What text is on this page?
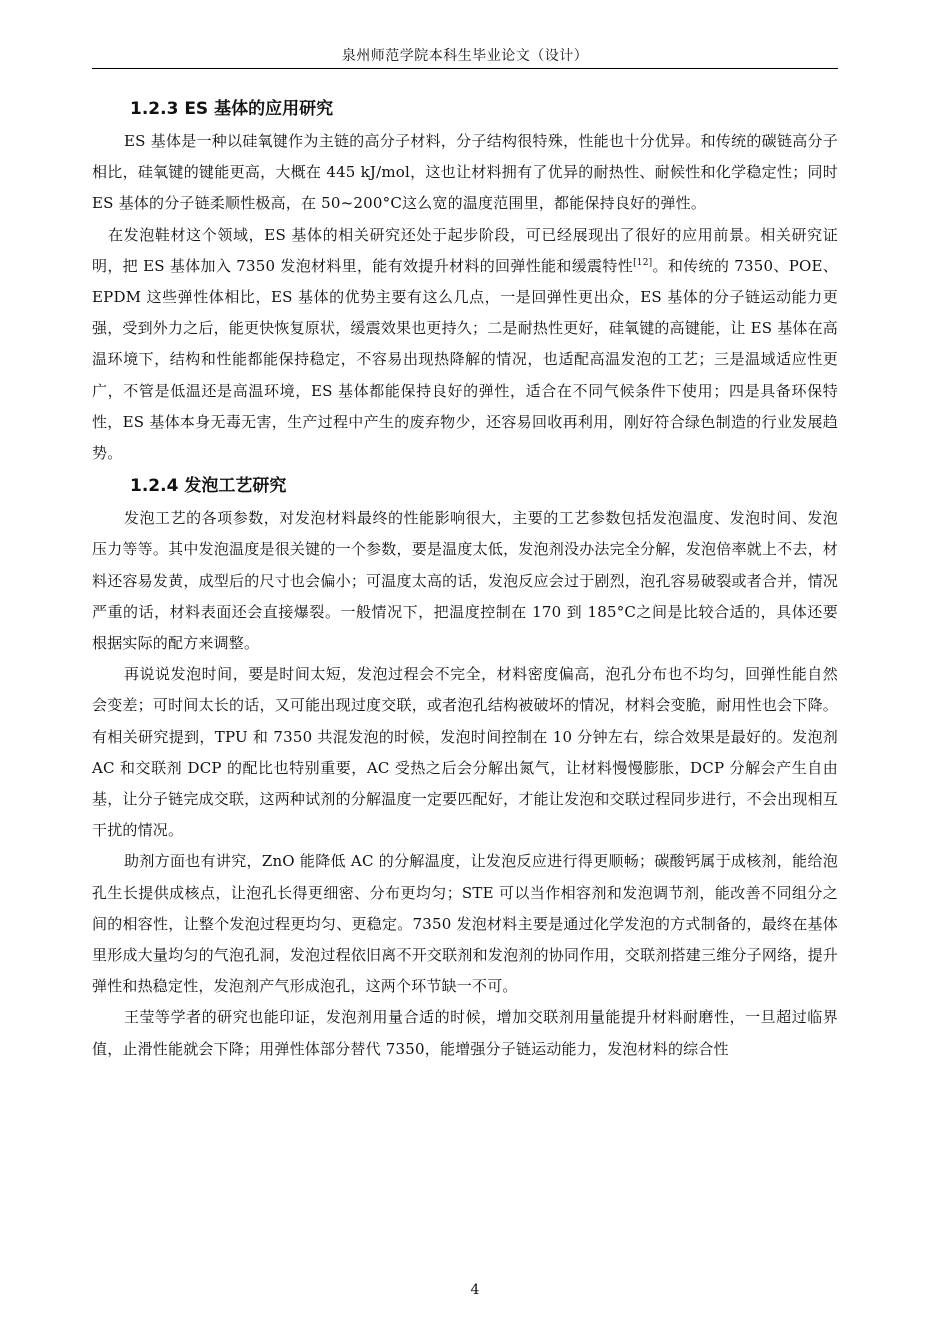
泉州师范学院本科生毕业论文（设计）
1.2.3 ES 基体的应用研究

ES 基体是一种以硅氧键作为主链的高分子材料，分子结构很特殊，性能也十分优异。和传统的碳链高分子相比，硅氧键的键能更高，大概在 445 kJ/mol，这也让材料拥有了优异的耐热性、耐候性和化学稳定性；同时 ES 基体的分子链柔顺性极高，在 50~200°C这么宽的温度范围里，都能保持良好的弹性。

在发泡鞋材这个领域，ES 基体的相关研究还处于起步阶段，可已经展现出了很好的应用前景。相关研究证明，把 ES 基体加入 7350 发泡材料里，能有效提升材料的回弹性能和缓震特性[12]。和传统的 7350、POE、EPDM 这些弹性体相比，ES 基体的优势主要有这么几点，一是回弹性更出众，ES 基体的分子链运动能力更强，受到外力之后，能更快恢复原状，缓震效果也更持久；二是耐热性更好，硅氧键的高键能，让 ES 基体在高温环境下，结构和性能都能保持稳定，不容易出现热降解的情况，也适配高温发泡的工艺；三是温域适应性更广，不管是低温还是高温环境，ES 基体都能保持良好的弹性，适合在不同气候条件下使用；四是具备环保特性，ES 基体本身无毒无害，生产过程中产生的废弃物少，还容易回收再利用，刚好符合绿色制造的行业发展趋势。

1.2.4 发泡工艺研究

发泡工艺的各项参数，对发泡材料最终的性能影响很大，主要的工艺参数包括发泡温度、发泡时间、发泡压力等等。其中发泡温度是很关键的一个参数，要是温度太低，发泡剂没办法完全分解，发泡倍率就上不去，材料还容易发黄，成型后的尺寸也会偏小；可温度太高的话，发泡反应会过于剧烈，泡孔容易破裂或者合并，情况严重的话，材料表面还会直接爆裂。一般情况下，把温度控制在 170 到 185°C之间是比较合适的，具体还要根据实际的配方来调整。

再说说发泡时间，要是时间太短，发泡过程会不完全，材料密度偏高，泡孔分布也不均匀，回弹性能自然会变差；可时间太长的话，又可能出现过度交联，或者泡孔结构被破坏的情况，材料会变脆，耐用性也会下降。有相关研究提到，TPU 和 7350 共混发泡的时候，发泡时间控制在 10 分钟左右，综合效果是最好的。发泡剂 AC 和交联剂 DCP 的配比也特别重要，AC 受热之后会分解出氮气，让材料慢慢膨胀，DCP 分解会产生自由基，让分子链完成交联，这两种试剂的分解温度一定要匹配好，才能让发泡和交联过程同步进行，不会出现相互干扰的情况。

助剂方面也有讲究，ZnO 能降低 AC 的分解温度，让发泡反应进行得更顺畅；碳酸钙属于成核剂，能给泡孔生长提供成核点，让泡孔长得更细密、分布更均匀；STE 可以当作相容剂和发泡调节剂，能改善不同组分之间的相容性，让整个发泡过程更均匀、更稳定。7350 发泡材料主要是通过化学发泡的方式制备的，最终在基体里形成大量均匀的气泡孔洞，发泡过程依旧离不开交联剂和发泡剂的协同作用，交联剂搭建三维分子网络，提升弹性和热稳定性，发泡剂产气形成泡孔，这两个环节缺一不可。

王莹等学者的研究也能印证，发泡剂用量合适的时候，增加交联剂用量能提升材料耐磨性，一旦超过临界值，止滑性能就会下降；用弹性体部分替代 7350，能增强分子链运动能力，发泡材料的综合性

4
